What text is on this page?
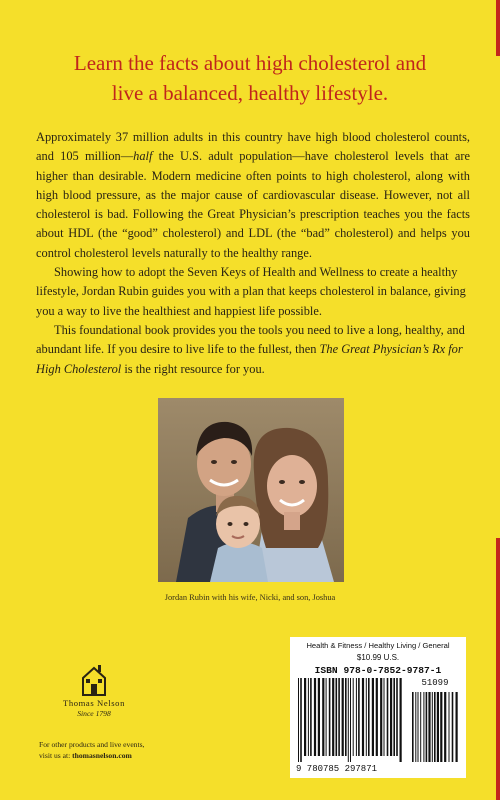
Learn the facts about high cholesterol and
live a balanced, healthy lifestyle.

Approximately 37 million adults in this country have high blood cholesterol counts, and 105 million—half the U.S. adult population—have cholesterol levels that are higher than desirable. Modern medicine often points to high cholesterol, along with high blood pressure, as the major cause of cardiovascular disease. However, not all cholesterol is bad. Following the Great Physician’s prescription teaches you the facts about HDL (the “good” cholesterol) and LDL (the “bad” cholesterol) and helps you control cholesterol levels naturally to the healthy range.

Showing how to adopt the Seven Keys of Health and Wellness to create a healthy lifestyle, Jordan Rubin guides you with a plan that keeps cholesterol in balance, giving you a way to live the healthiest and happiest life possible.

This foundational book provides you the tools you need to live a long, healthy, and abundant life. If you desire to live life to the fullest, then The Great Physician’s Rx for High Cholesterol is the right resource for you.

Jordan Rubin with his wife, Nicki, and son, Joshua
Thomas Nelson
Since 1798
For other products and live events,
visit us at: thomasnelson.com
Health & Fitness / Healthy Living / General
$10.99 U.S.
ISBN 978-0-7852-9787-1
51099
9 780785 297871
